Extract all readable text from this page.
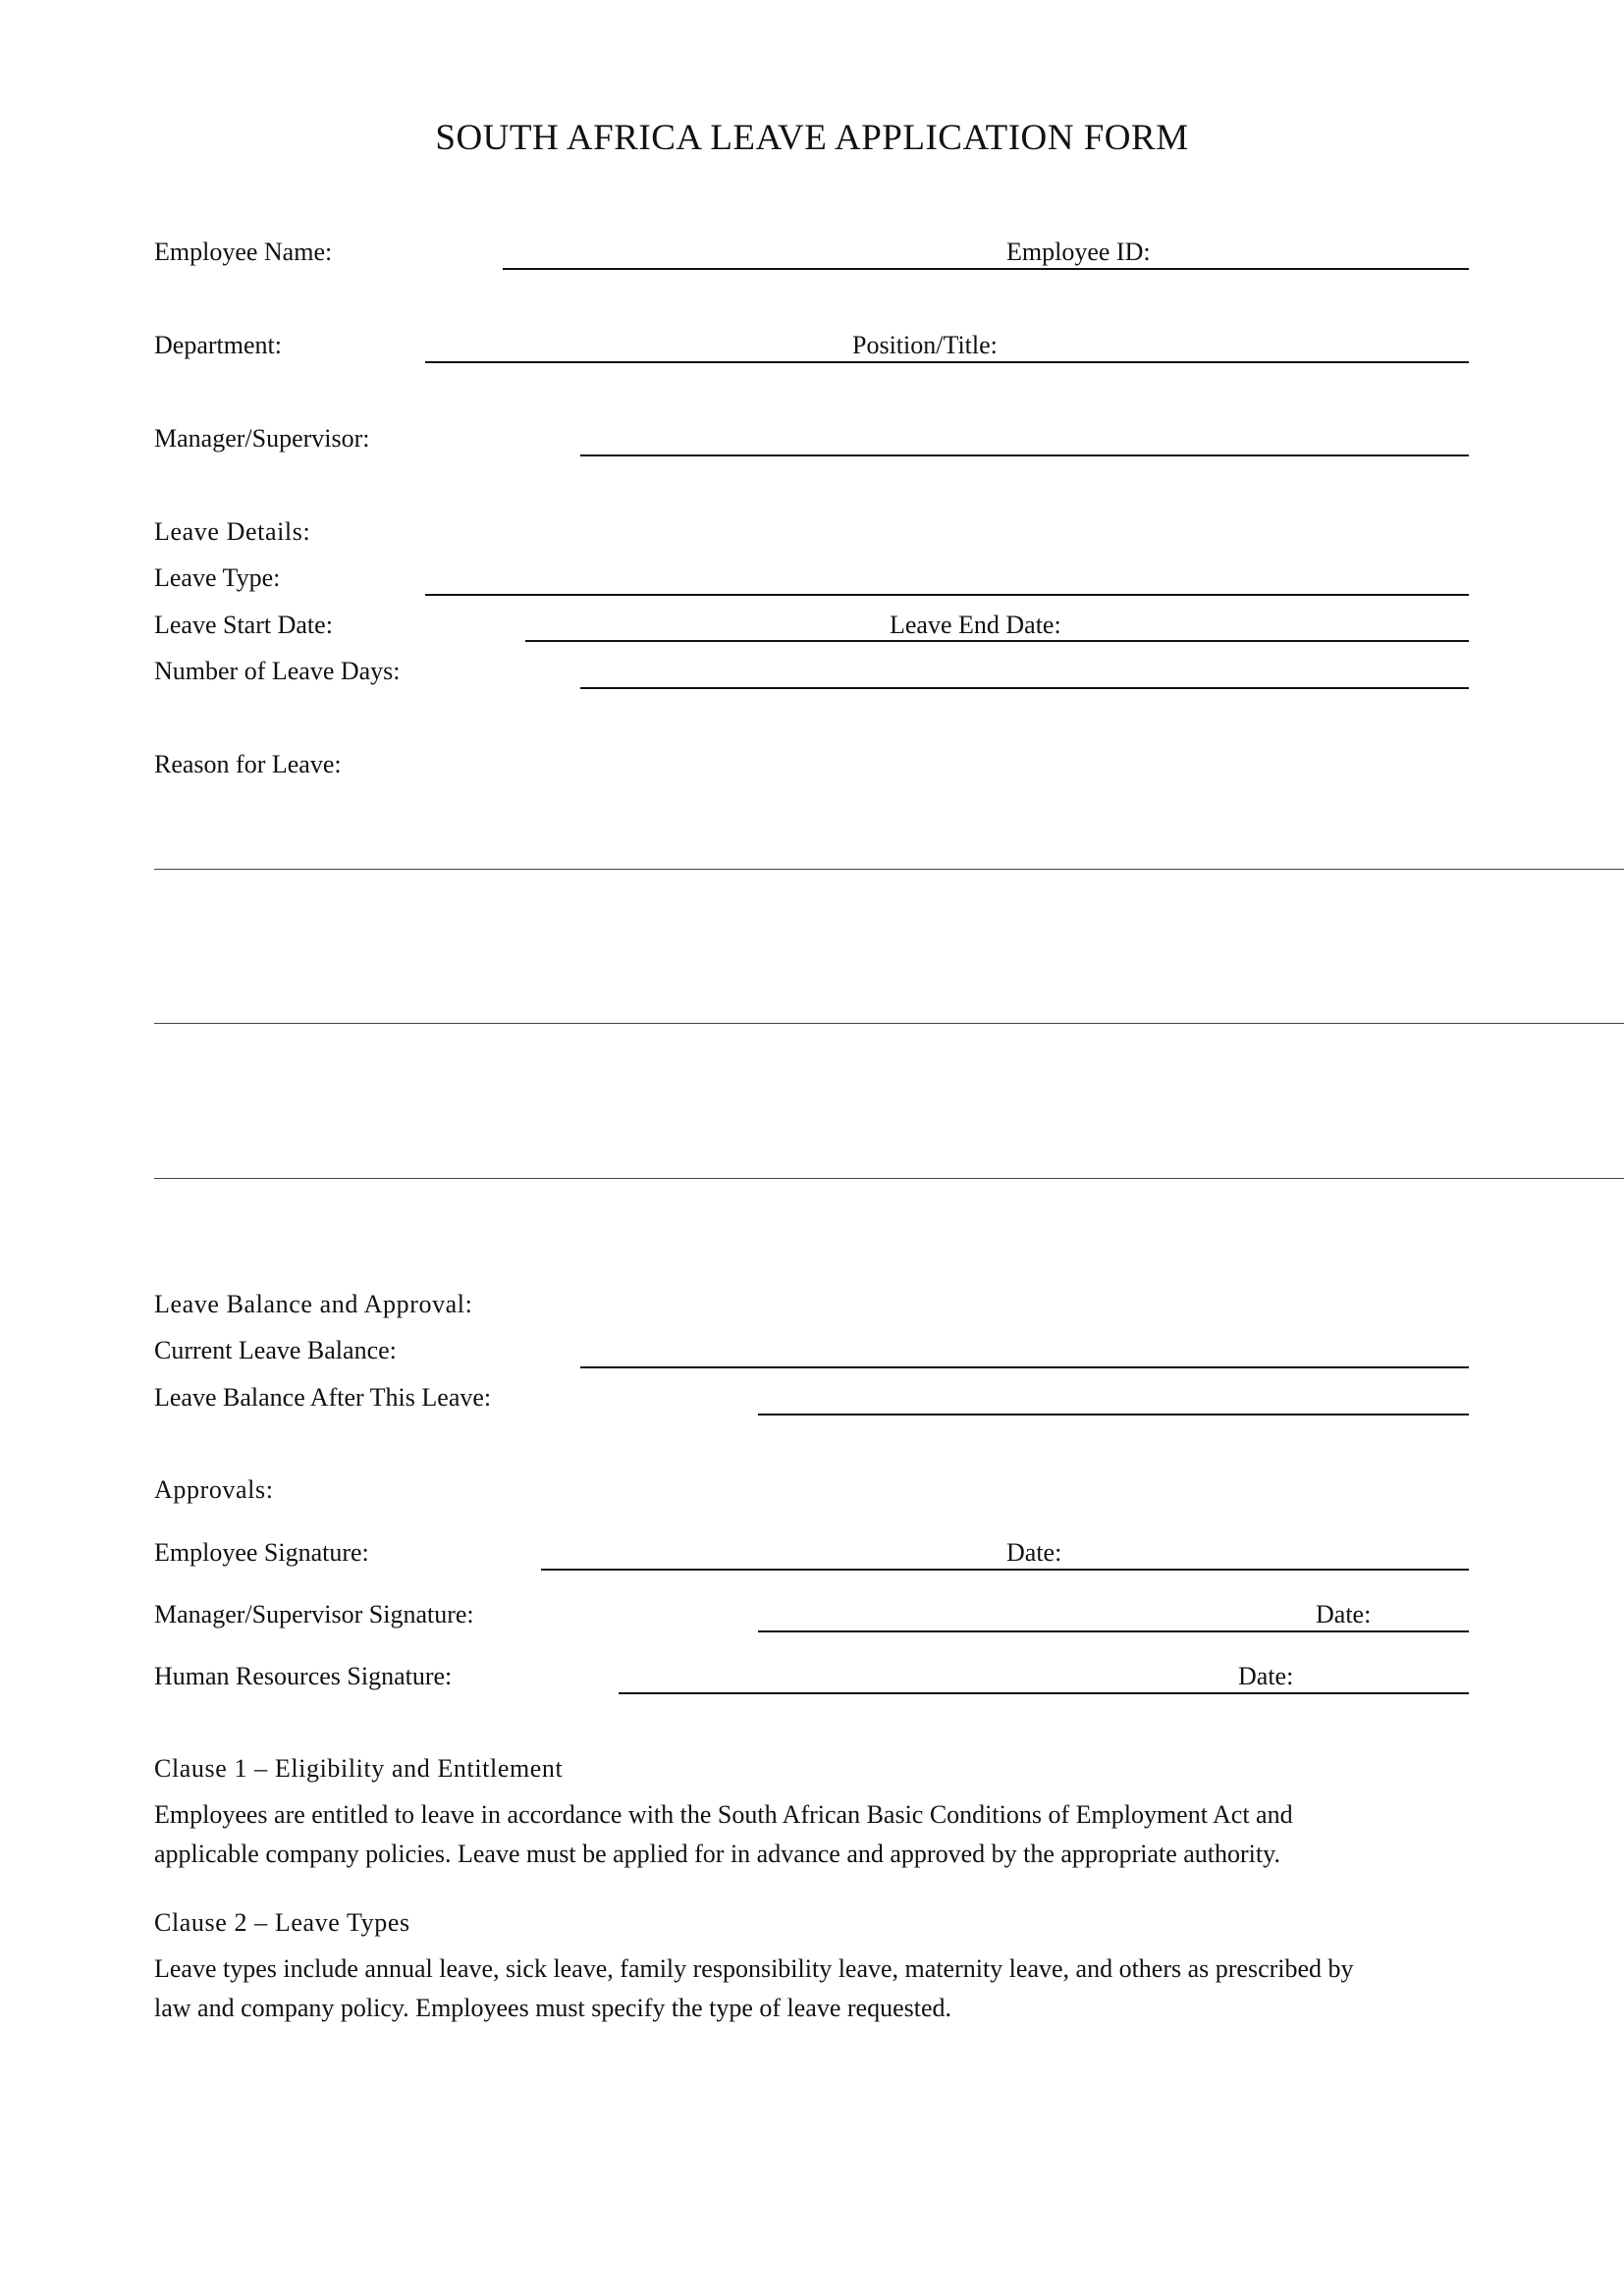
SOUTH AFRICA LEAVE APPLICATION FORM
Employee Name:	Employee ID:
Department:	Position/Title:
Manager/Supervisor:
Leave Details:
Leave Type:
Leave Start Date:	Leave End Date:
Number of Leave Days:
Reason for Leave:
Leave Balance and Approval:
Current Leave Balance:
Leave Balance After This Leave:
Approvals:
Employee Signature:	Date:
Manager/Supervisor Signature:	Date:
Human Resources Signature:	Date:
Clause 1 – Eligibility and Entitlement
Employees are entitled to leave in accordance with the South African Basic Conditions of Employment Act and
applicable company policies. Leave must be applied for in advance and approved by the appropriate authority.
Clause 2 – Leave Types
Leave types include annual leave, sick leave, family responsibility leave, maternity leave, and others as prescribed by
law and company policy. Employees must specify the type of leave requested.
